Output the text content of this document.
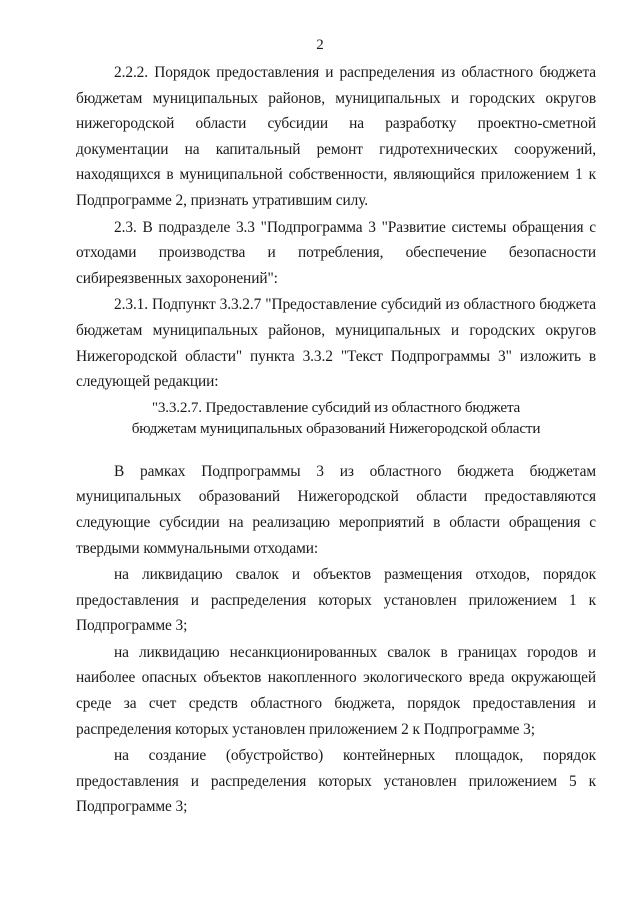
2

2.2.2. Порядок предоставления и распределения из областного бюджета бюджетам муниципальных районов, муниципальных и городских округов нижегородской области субсидии на разработку проектно-сметной документации на капитальный ремонт гидротехнических сооружений, находящихся в муниципальной собственности, являющийся приложением 1 к Подпрограмме 2, признать утратившим силу.

2.3. В подразделе 3.3 "Подпрограмма 3 "Развитие системы обращения с отходами производства и потребления, обеспечение безопасности сибиреязвенных захоронений":

2.3.1. Подпункт 3.3.2.7 "Предоставление субсидий из областного бюджета бюджетам муниципальных районов, муниципальных и городских округов Нижегородской области" пункта 3.3.2 "Текст Подпрограммы 3" изложить в следующей редакции:

"3.3.2.7. Предоставление субсидий из областного бюджета
бюджетам муниципальных образований Нижегородской области

В рамках Подпрограммы 3 из областного бюджета бюджетам муниципальных образований Нижегородской области предоставляются следующие субсидии на реализацию мероприятий в области обращения с твердыми коммунальными отходами:

на ликвидацию свалок и объектов размещения отходов, порядок предоставления и распределения которых установлен приложением 1 к Подпрограмме 3;

на ликвидацию несанкционированных свалок в границах городов и наиболее опасных объектов накопленного экологического вреда окружающей среде за счет средств областного бюджета, порядок предоставления и распределения которых установлен приложением 2 к Подпрограмме 3;

на создание (обустройство) контейнерных площадок, порядок предоставления и распределения которых установлен приложением 5 к Подпрограмме 3;
